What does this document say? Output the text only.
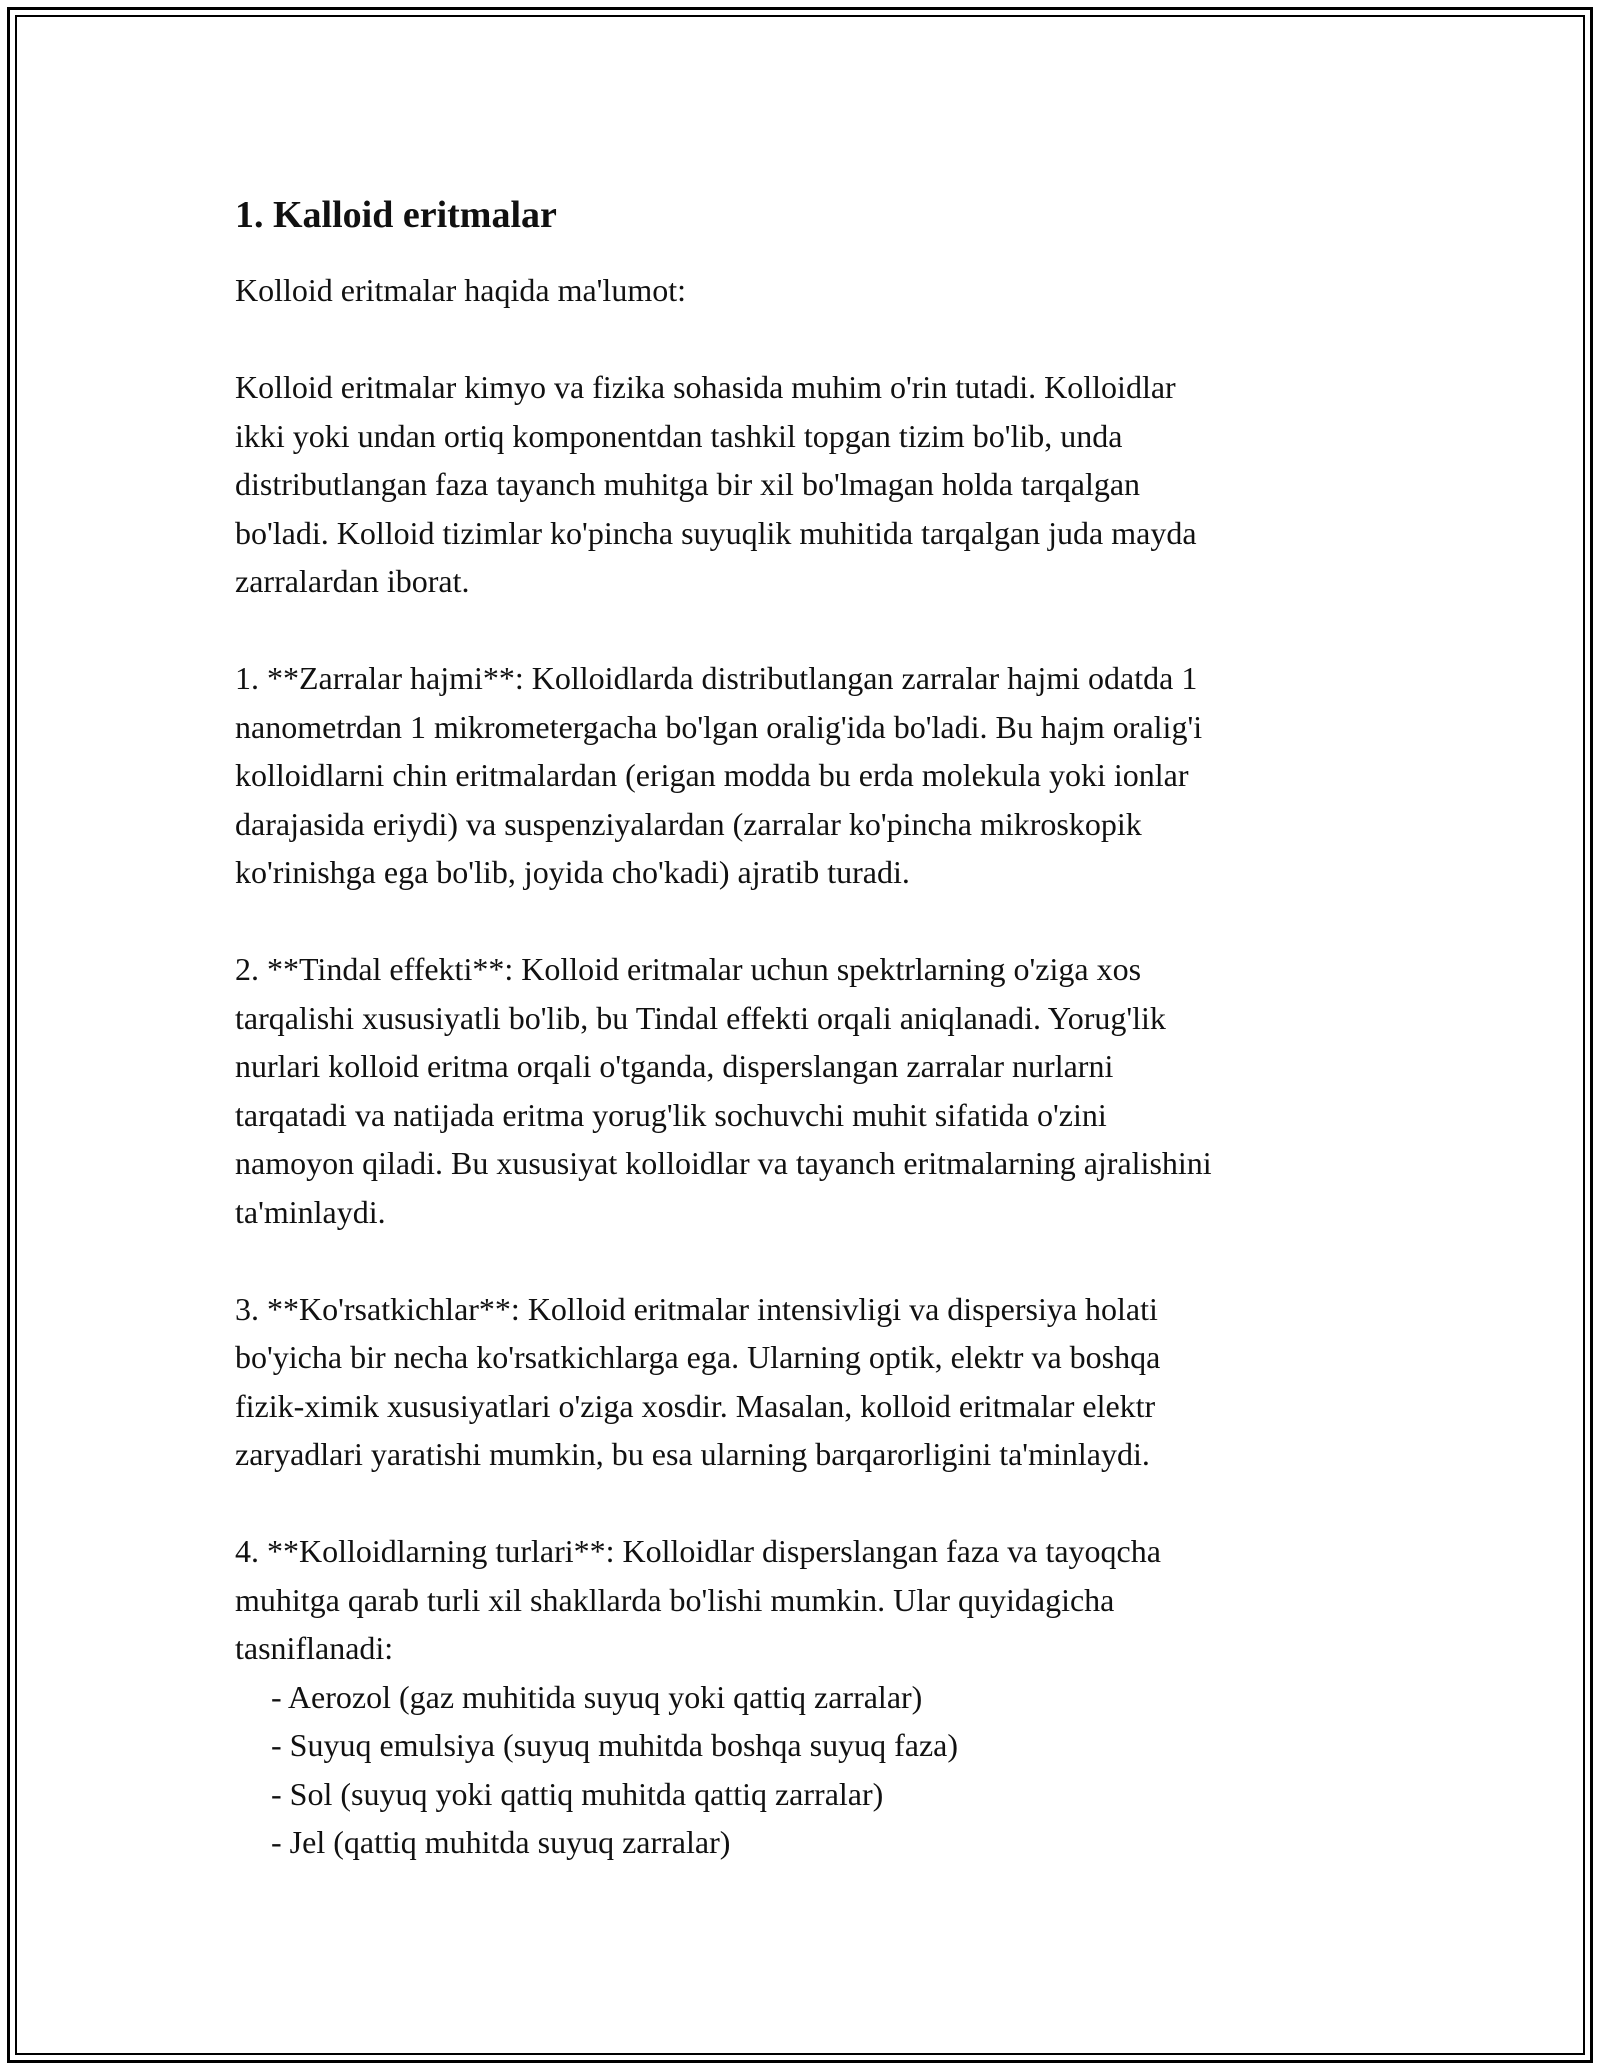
1. Kalloid eritmalar
Kolloid eritmalar haqida ma'lumot:
Kolloid eritmalar kimyo va fizika sohasida muhim o'rin tutadi. Kolloidlar
ikki yoki undan ortiq komponentdan tashkil topgan tizim bo'lib, unda
distributlangan faza tayanch muhitga bir xil bo'lmagan holda tarqalgan
bo'ladi. Kolloid tizimlar ko'pincha suyuqlik muhitida tarqalgan juda mayda
zarralardan iborat.
1. **Zarralar hajmi**: Kolloidlarda distributlangan zarralar hajmi odatda 1
nanometrdan 1 mikrometergacha bo'lgan oralig'ida bo'ladi. Bu hajm oralig'i
kolloidlarni chin eritmalardan (erigan modda bu erda molekula yoki ionlar
darajasida eriydi) va suspenziyalardan (zarralar ko'pincha mikroskopik
ko'rinishga ega bo'lib, joyida cho'kadi) ajratib turadi.
2. **Tindal effekti**: Kolloid eritmalar uchun spektrlarning o'ziga xos
tarqalishi xususiyatli bo'lib, bu Tindal effekti orqali aniqlanadi. Yorug'lik
nurlari kolloid eritma orqali o'tganda, disperslangan zarralar nurlarni
tarqatadi va natijada eritma yorug'lik sochuvchi muhit sifatida o'zini
namoyon qiladi. Bu xususiyat kolloidlar va tayanch eritmalarning ajralishini
ta'minlaydi.
3. **Ko'rsatkichlar**: Kolloid eritmalar intensivligi va dispersiya holati
bo'yicha bir necha ko'rsatkichlarga ega. Ularning optik, elektr va boshqa
fizik-ximik xususiyatlari o'ziga xosdir. Masalan, kolloid eritmalar elektr
zaryadlari yaratishi mumkin, bu esa ularning barqarorligini ta'minlaydi.
4. **Kolloidlarning turlari**: Kolloidlar disperslangan faza va tayoqcha
muhitga qarab turli xil shakllarda bo'lishi mumkin. Ular quyidagicha
tasniflanadi:
- Aerozol (gaz muhitida suyuq yoki qattiq zarralar)
- Suyuq emulsiya (suyuq muhitda boshqa suyuq faza)
- Sol (suyuq yoki qattiq muhitda qattiq zarralar)
- Jel (qattiq muhitda suyuq zarralar)
